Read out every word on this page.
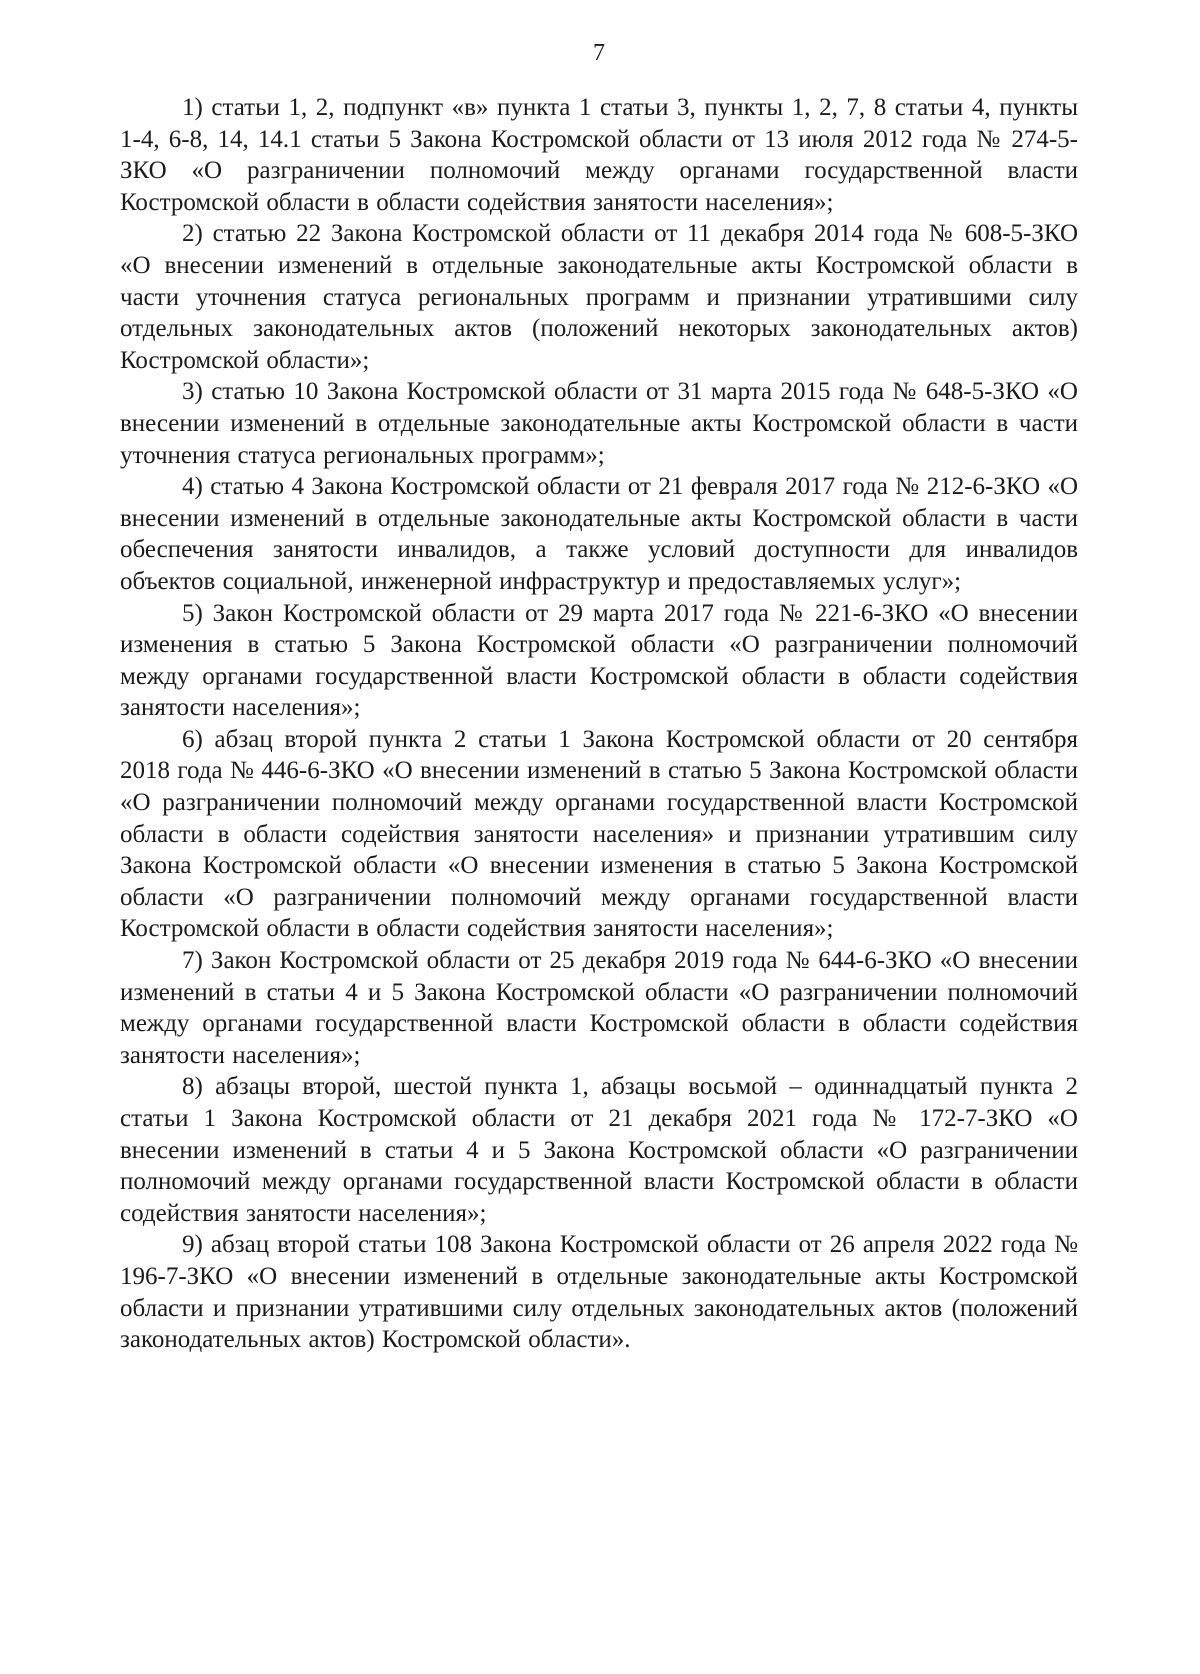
7

1) статьи 1, 2, подпункт «в» пункта 1 статьи 3, пункты 1, 2, 7, 8 статьи 4, пункты 1-4, 6-8, 14, 14.1 статьи 5 Закона Костромской области от 13 июля 2012 года № 274-5-ЗКО «О разграничении полномочий между органами государственной власти Костромской области в области содействия занятости населения»;

2) статью 22 Закона Костромской области от 11 декабря 2014 года № 608-5-ЗКО «О внесении изменений в отдельные законодательные акты Костромской области в части уточнения статуса региональных программ и признании утратившими силу отдельных законодательных актов (положений некоторых законодательных актов) Костромской области»;

3) статью 10 Закона Костромской области от 31 марта 2015 года № 648-5-ЗКО «О внесении изменений в отдельные законодательные акты Костромской области в части уточнения статуса региональных программ»;

4) статью 4 Закона Костромской области от 21 февраля 2017 года № 212-6-ЗКО «О внесении изменений в отдельные законодательные акты Костромской области в части обеспечения занятости инвалидов, а также условий доступности для инвалидов объектов социальной, инженерной инфраструктур и предоставляемых услуг»;

5) Закон Костромской области от 29 марта 2017 года № 221-6-ЗКО «О внесении изменения в статью 5 Закона Костромской области «О разграничении полномочий между органами государственной власти Костромской области в области содействия занятости населения»;

6) абзац второй пункта 2 статьи 1 Закона Костромской области от 20 сентября 2018 года № 446-6-ЗКО «О внесении изменений в статью 5 Закона Костромской области «О разграничении полномочий между органами государственной власти Костромской области в области содействия занятости населения» и признании утратившим силу Закона Костромской области «О внесении изменения в статью 5 Закона Костромской области «О разграничении полномочий между органами государственной власти Костромской области в области содействия занятости населения»;

7) Закон Костромской области от 25 декабря 2019 года № 644-6-ЗКО «О внесении изменений в статьи 4 и 5 Закона Костромской области «О разграничении полномочий между органами государственной власти Костромской области в области содействия занятости населения»;

8) абзацы второй, шестой пункта 1, абзацы восьмой – одиннадцатый пункта 2 статьи 1 Закона Костромской области от 21 декабря 2021 года № 172-7-ЗКО «О внесении изменений в статьи 4 и 5 Закона Костромской области «О разграничении полномочий между органами государственной власти Костромской области в области содействия занятости населения»;

9) абзац второй статьи 108 Закона Костромской области от 26 апреля 2022 года № 196-7-ЗКО «О внесении изменений в отдельные законодательные акты Костромской области и признании утратившими силу отдельных законодательных актов (положений законодательных актов) Костромской области».
